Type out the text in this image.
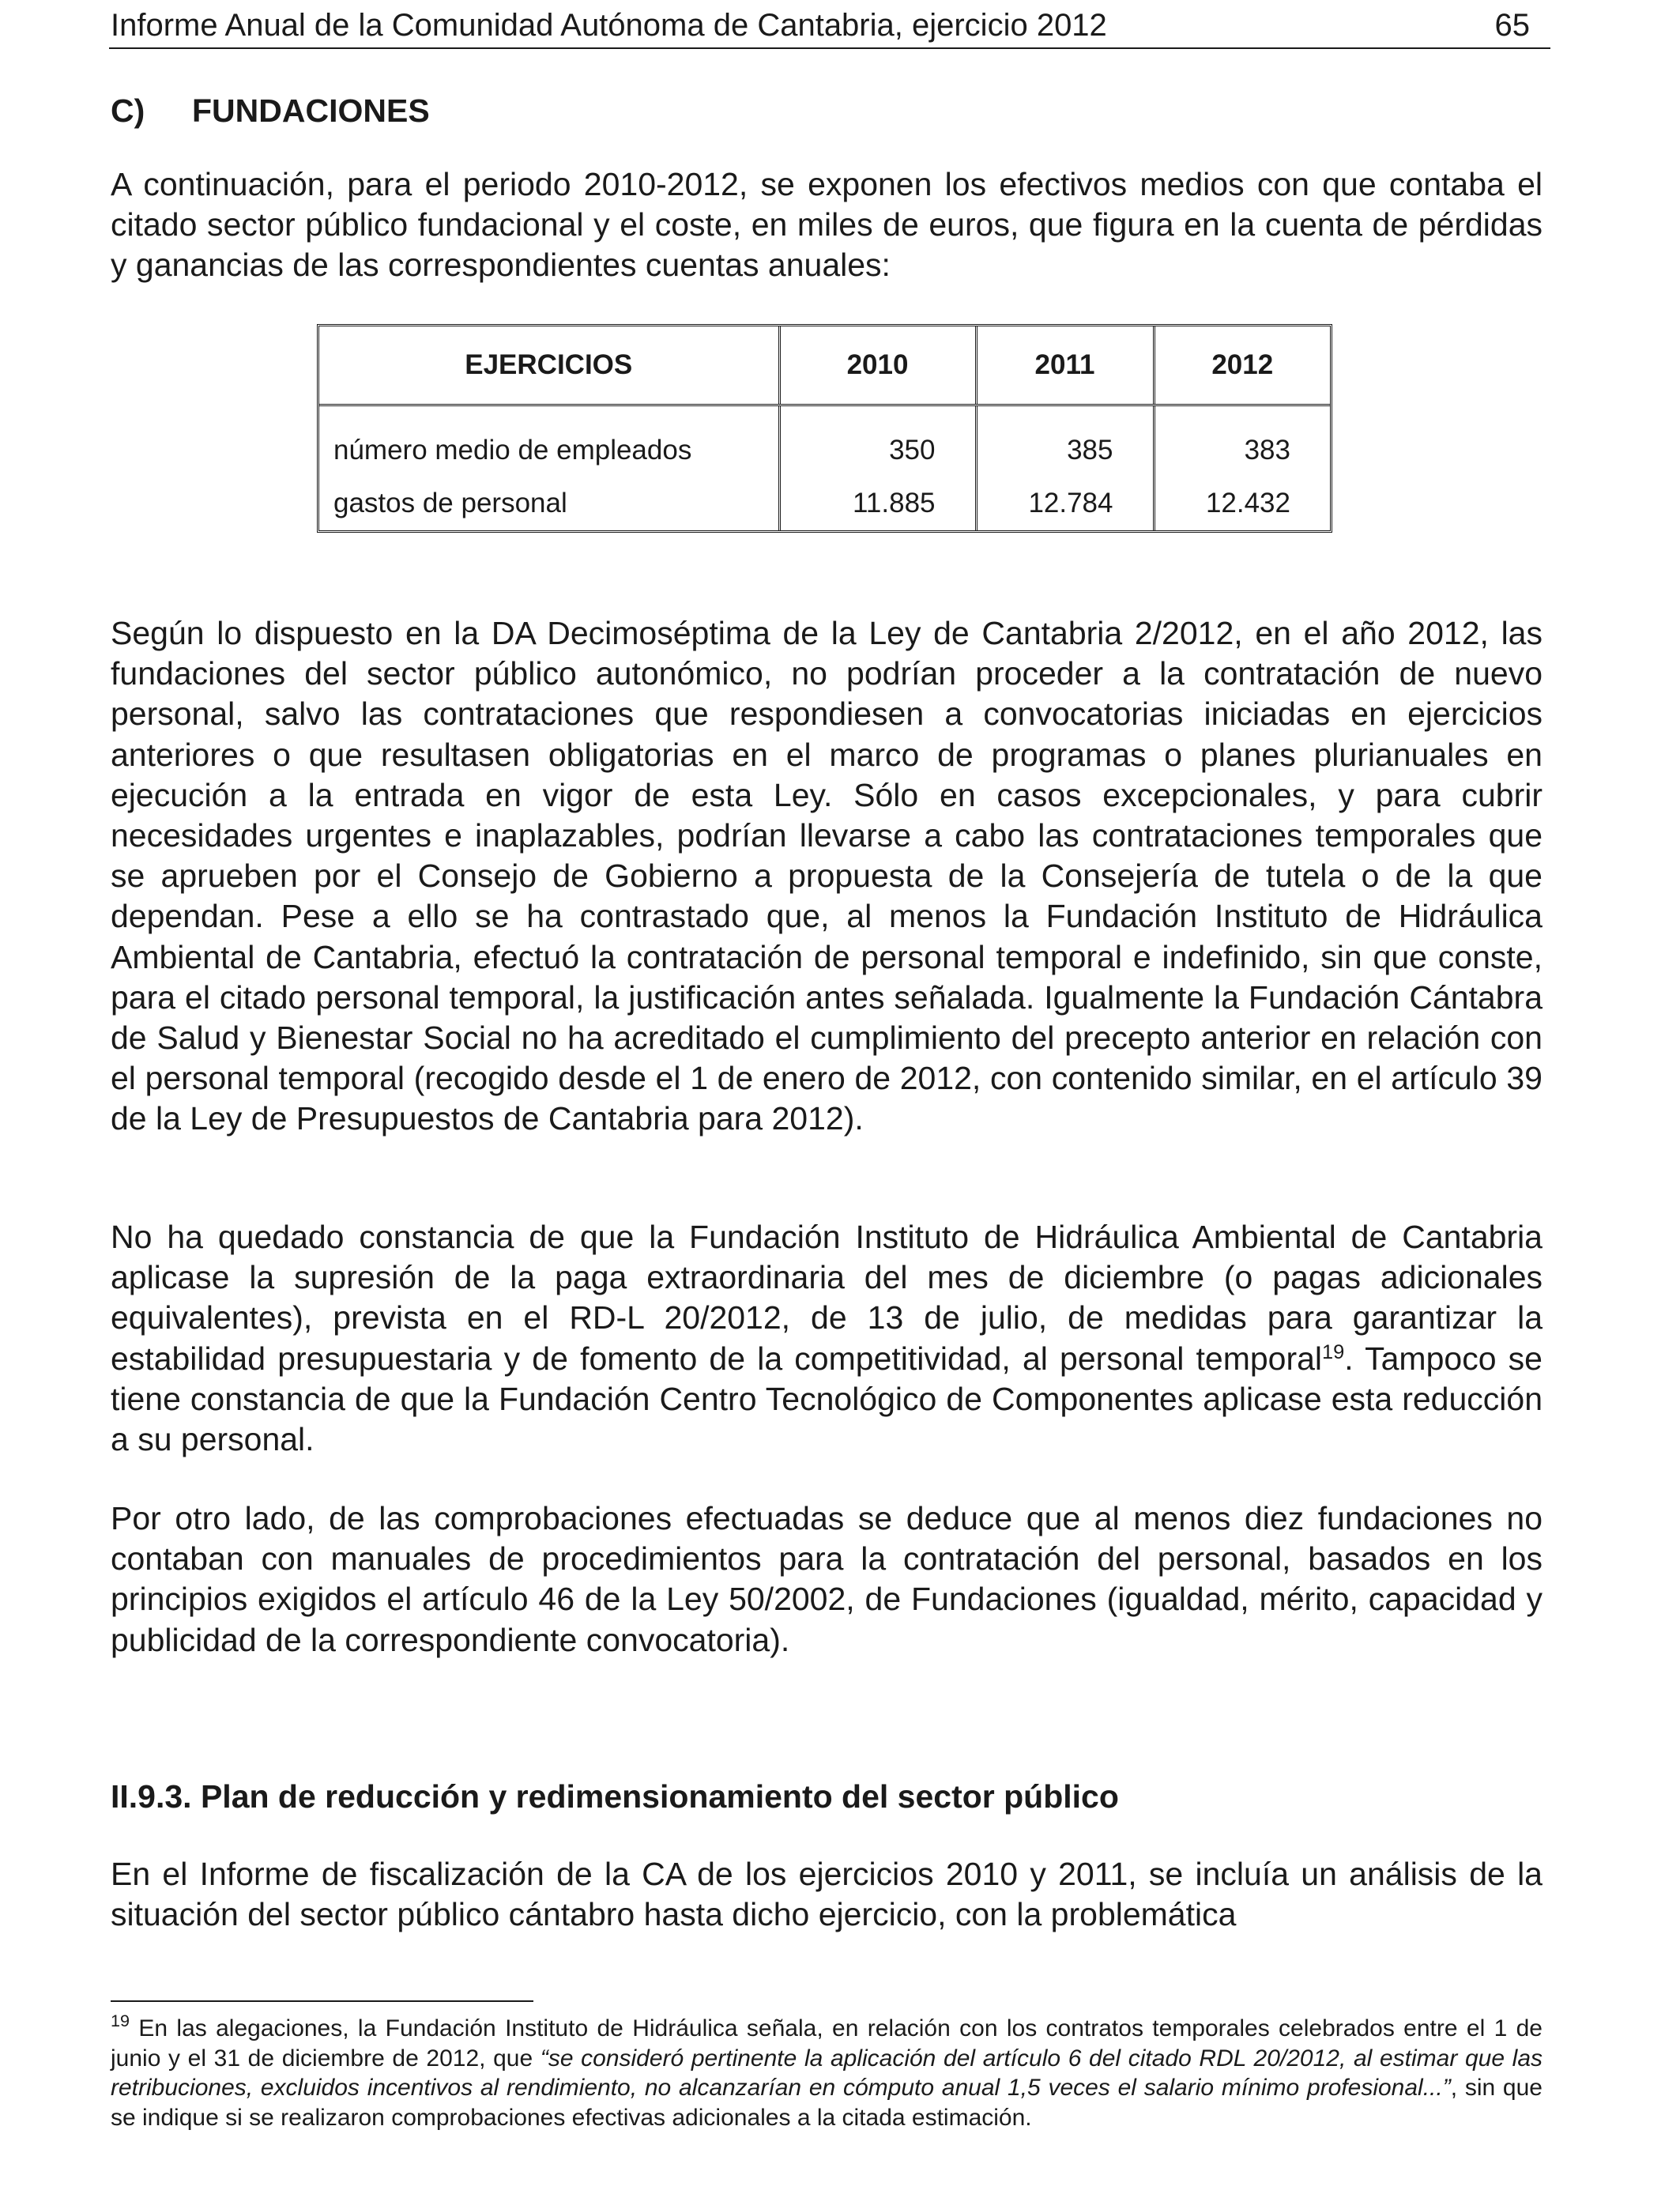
Informe Anual de la Comunidad Autónoma de Cantabria, ejercicio 2012	65
C) FUNDACIONES

A continuación, para el periodo 2010-2012, se exponen los efectivos medios con que contaba el citado sector público fundacional y el coste, en miles de euros, que figura en la cuenta de pérdidas y ganancias de las correspondientes cuentas anuales:

EJERCICIOS	2010	2011	2012
número medio de empleados	350	385	383
gastos de personal	11.885	12.784	12.432

Según lo dispuesto en la DA Decimoséptima de la Ley de Cantabria 2/2012, en el año 2012, las fundaciones del sector público autonómico, no podrían proceder a la contratación de nuevo personal, salvo las contrataciones que respondiesen a convocatorias iniciadas en ejercicios anteriores o que resultasen obligatorias en el marco de programas o planes plurianuales en ejecución a la entrada en vigor de esta Ley. Sólo en casos excepcionales, y para cubrir necesidades urgentes e inaplazables, podrían llevarse a cabo las contrataciones temporales que se aprueben por el Consejo de Gobierno a propuesta de la Consejería de tutela o de la que dependan. Pese a ello se ha contrastado que, al menos la Fundación Instituto de Hidráulica Ambiental de Cantabria, efectuó la contratación de personal temporal e indefinido, sin que conste, para el citado personal temporal, la justificación antes señalada. Igualmente la Fundación Cántabra de Salud y Bienestar Social no ha acreditado el cumplimiento del precepto anterior en relación con el personal temporal (recogido desde el 1 de enero de 2012, con contenido similar, en el artículo 39 de la Ley de Presupuestos de Cantabria para 2012).

No ha quedado constancia de que la Fundación Instituto de Hidráulica Ambiental de Cantabria aplicase la supresión de la paga extraordinaria del mes de diciembre (o pagas adicionales equivalentes), prevista en el RD-L 20/2012, de 13 de julio, de medidas para garantizar la estabilidad presupuestaria y de fomento de la competitividad, al personal temporal$^{19}$. Tampoco se tiene constancia de que la Fundación Centro Tecnológico de Componentes aplicase esta reducción a su personal.

Por otro lado, de las comprobaciones efectuadas se deduce que al menos diez fundaciones no contaban con manuales de procedimientos para la contratación del personal, basados en los principios exigidos el artículo 46 de la Ley 50/2002, de Fundaciones (igualdad, mérito, capacidad y publicidad de la correspondiente convocatoria).

II.9.3. Plan de reducción y redimensionamiento del sector público

En el Informe de fiscalización de la CA de los ejercicios 2010 y 2011, se incluía un análisis de la situación del sector público cántabro hasta dicho ejercicio, con la problemática

$^{19}$ En las alegaciones, la Fundación Instituto de Hidráulica señala, en relación con los contratos temporales celebrados entre el 1 de junio y el 31 de diciembre de 2012, que “se consideró pertinente la aplicación del artículo 6 del citado RDL 20/2012, al estimar que las retribuciones, excluidos incentivos al rendimiento, no alcanzarían en cómputo anual 1,5 veces el salario mínimo profesional...”, sin que se indique si se realizaron comprobaciones efectivas adicionales a la citada estimación.
